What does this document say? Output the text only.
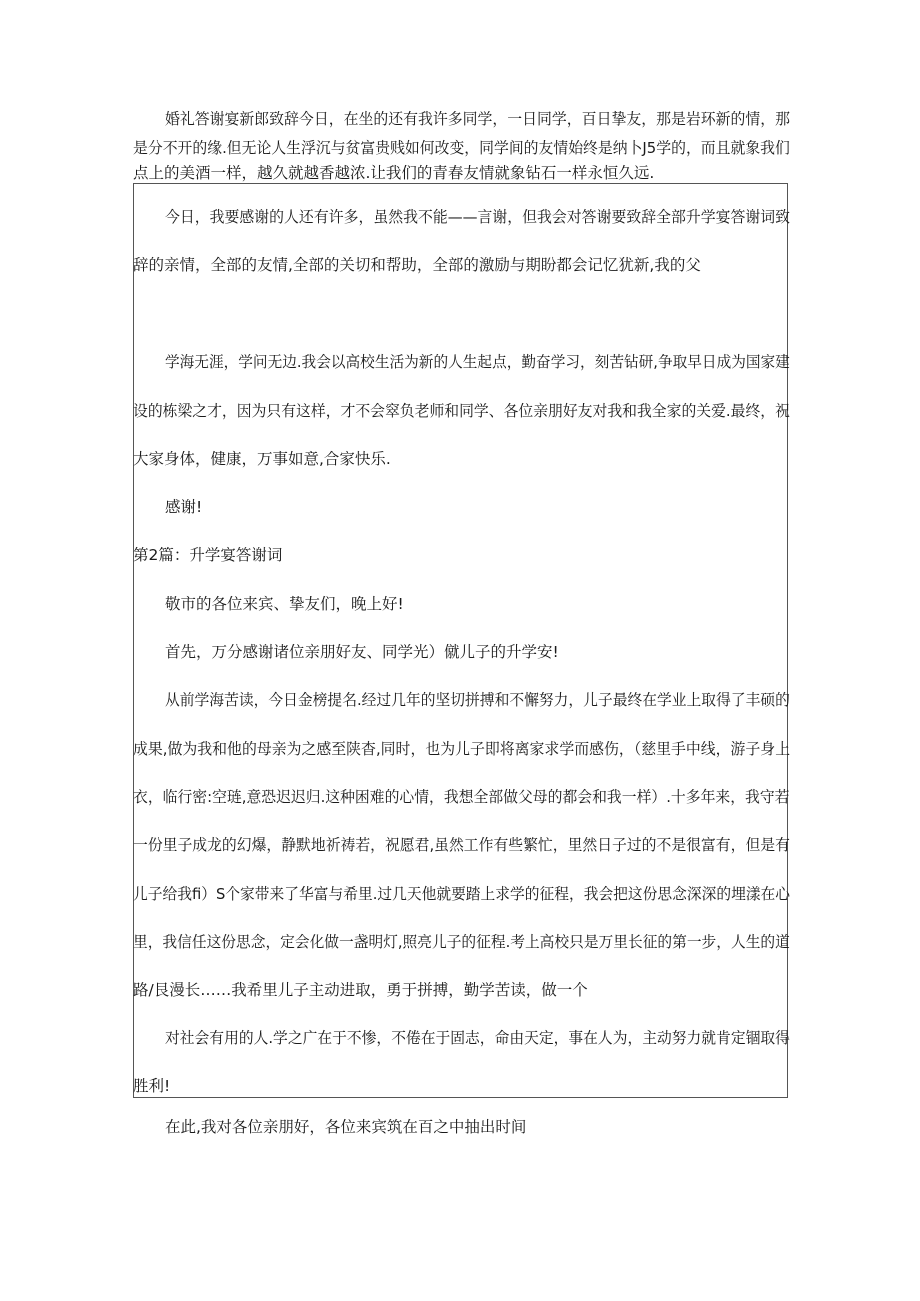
婚礼答谢宴新郎致辞今日，在坐的还有我许多同学，一日同学，百日挚友，那是岩环新的情，那

是分不开的缘.但无论人生浮沉与贫富贵贱如何改变，同学间的友情始终是纳卜J5学的，而且就象我们

点上的美酒一样，越久就越香越浓.让我们的青春友情就象钻石一样永恒久远.

今日，我要感谢的人还有许多，虽然我不能——言谢，但我会对答谢要致辞全部升学宴答谢词致

辞的亲情，全部的友情,全部的关切和帮助，全部的激励与期盼都会记忆犹新,我的父

学海无涯，学问无边.我会以高校生活为新的人生起点，勤奋学习，刻苦钻研,争取早日成为国家建

设的栋梁之才，因为只有这样，才不会窣负老师和同学、各位亲朋好友对我和我全家的关爱.最终，祝

大家身体，健康，万事如意,合家快乐.

感谢!

第2篇：升学宴答谢词

敬市的各位来宾、挚友们，晚上好!

首先，万分感谢诸位亲朋好友、同学光）僦儿子的升学安!

从前学海苦读，今日金榜提名.经过几年的坚切拼搏和不懈努力，儿子最终在学业上取得了丰硕的

成果,做为我和他的母亲为之感至陕杳,同时，也为儿子即将离家求学而感伤，（慈里手中线，游子身上

衣，临行密:空琏,意恐迟迟归.这种困难的心情，我想全部做父母的都会和我一样）.十多年来，我守若

一份里子成龙的幻爆，静默地祈祷若，祝愿君,虽然工作有些繁忙，里然日子过的不是很富有，但是有

儿子给我fi）S个家带来了华富与希里.过几天他就要踏上求学的征程，我会把这份思念深深的埋漾在心

里，我信任这份思念，定会化做一盏明灯,照亮儿子的征程.考上高校只是万里长征的第一步，人生的道

路/艮漫长……我希里儿子主动进取，勇于拼搏，勤学苦读，做一个

对社会有用的人.学之广在于不惨，不倦在于固志，命由天定，事在人为，主动努力就肯定锢取得

胜利!

在此,我对各位亲朋好，各位来宾筑在百之中抽出时间
